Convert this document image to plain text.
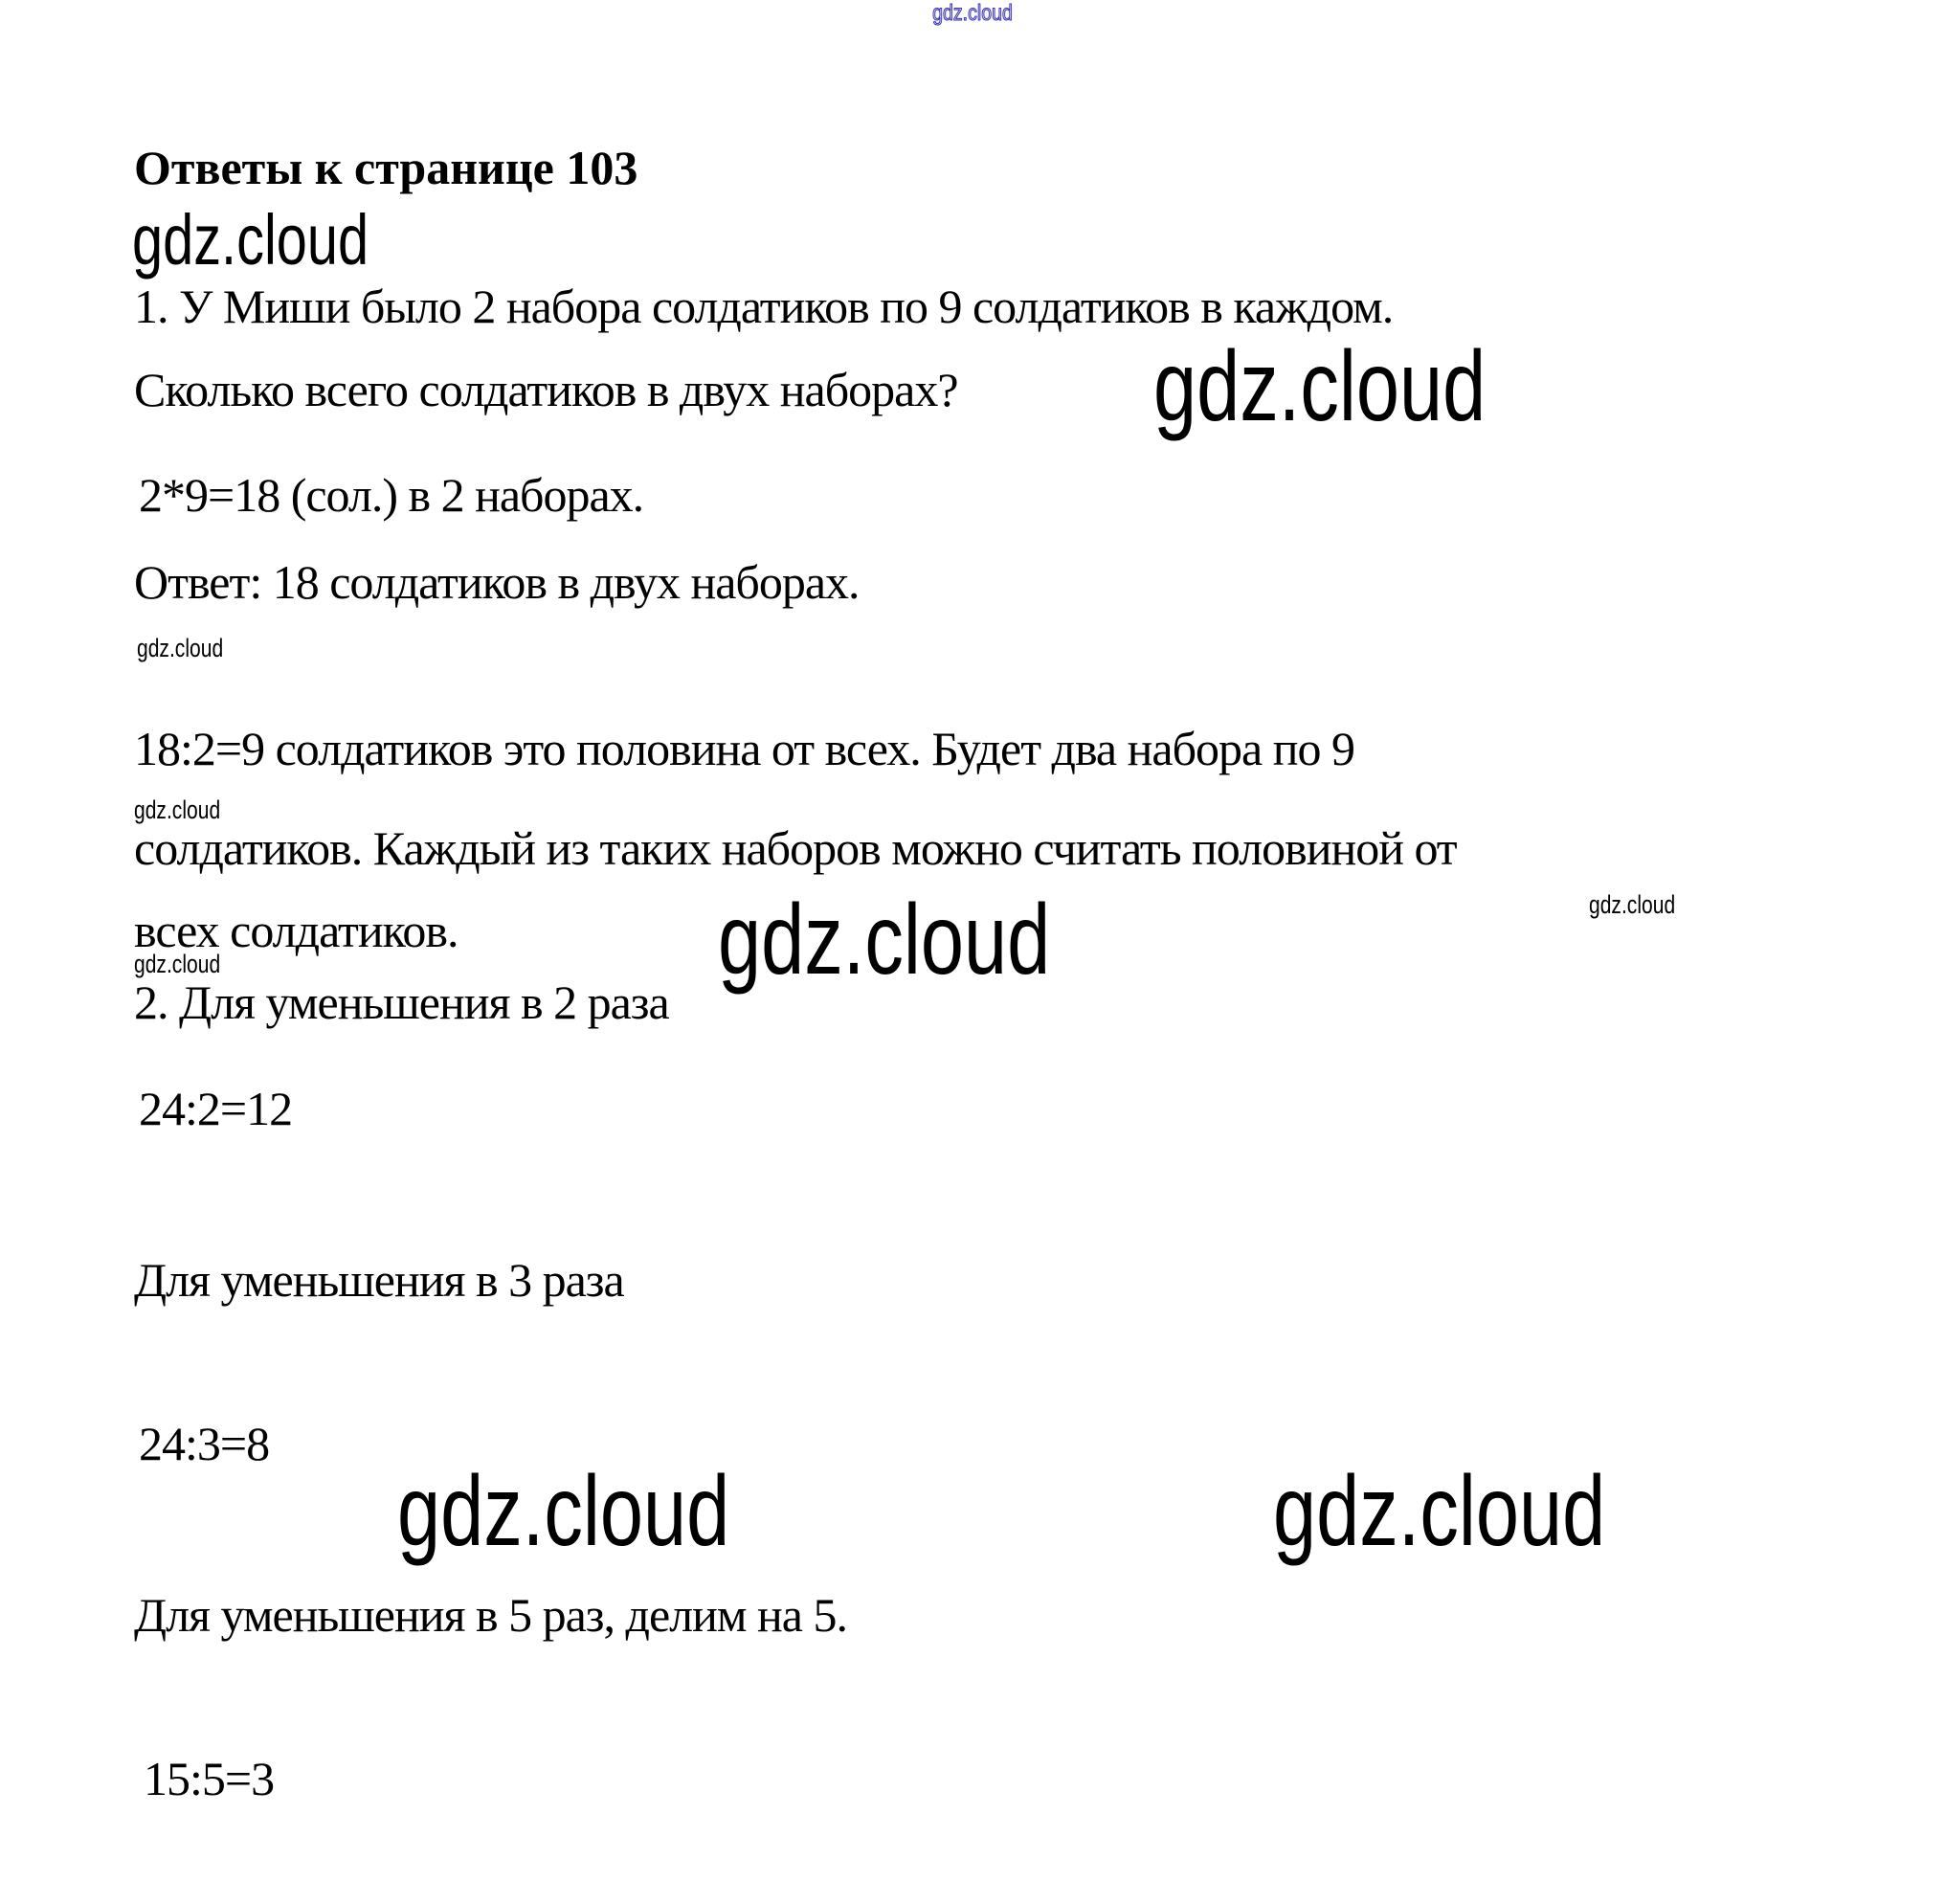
gdz.cloud
Ответы к странице 103
gdz.cloud
1. У Миши было 2 набора солдатиков по 9 солдатиков в каждом.
Сколько всего солдатиков в двух наборах? gdz.cloud
2*9=18 (сол.) в 2 наборах.
Ответ: 18 солдатиков в двух наборах.
gdz.cloud
18:2=9 солдатиков это половина от всех. Будет два набора по 9
gdz.cloud
солдатиков. Каждый из таких наборов можно считать половиной от
всех солдатиков.	gdz.cloud	gdz.cloud
gdz.cloud
2. Для уменьшения в 2 раза
24:2=12
Для уменьшения в 3 раза
24:3=8
gdz.cloud	gdz.cloud
Для уменьшения в 5 раз, делим на 5.
15:5=3
